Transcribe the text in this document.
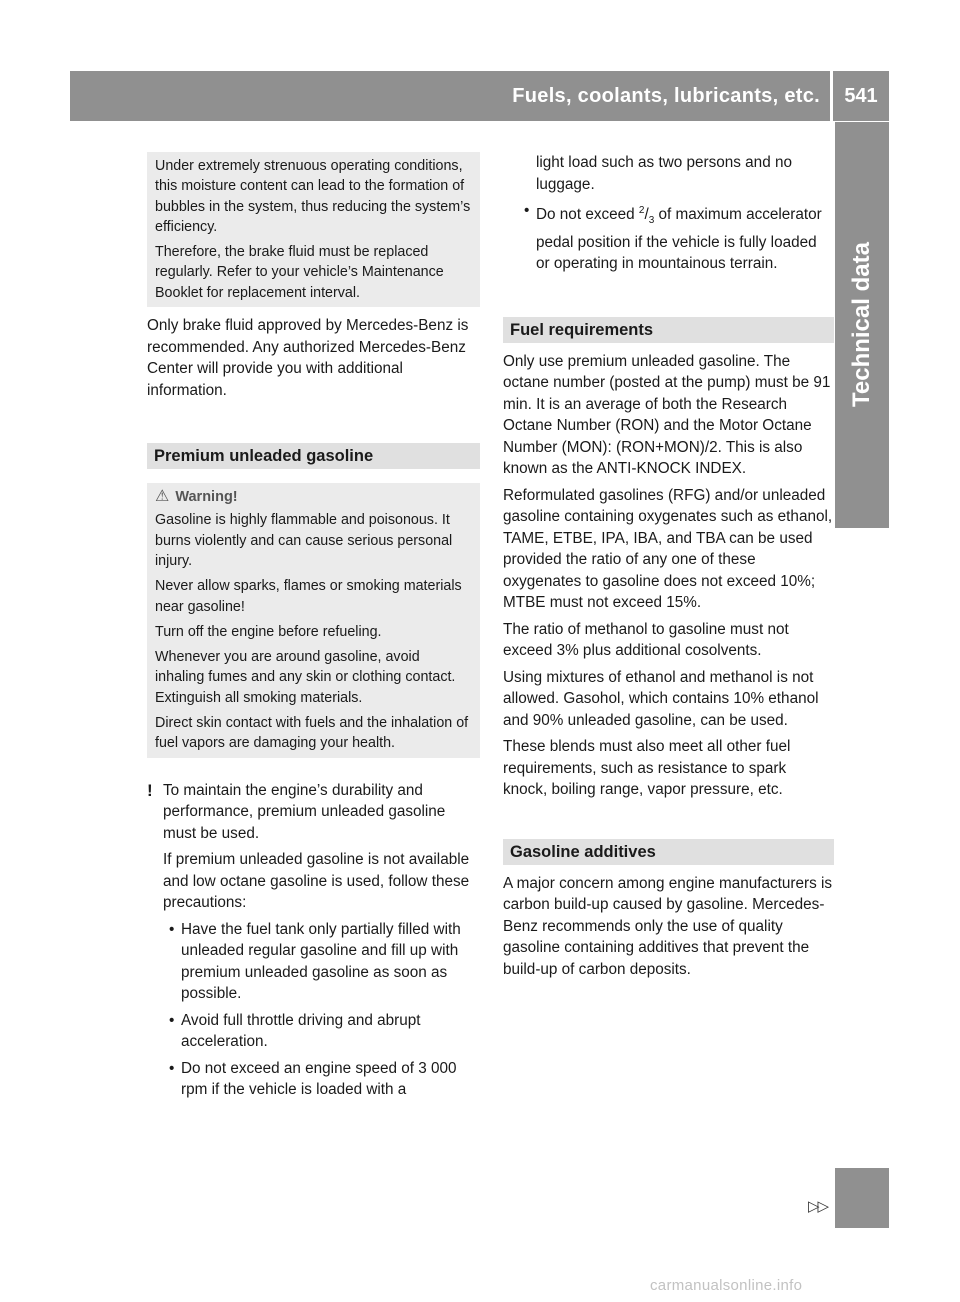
Fuels, coolants, lubricants, etc.	541
Technical data

Under extremely strenuous operating conditions, this moisture content can lead to the formation of bubbles in the system, thus reducing the system’s efficiency.

Therefore, the brake fluid must be replaced regularly. Refer to your vehicle’s Maintenance Booklet for replacement interval.

Only brake fluid approved by Mercedes-Benz is recommended. Any authorized Mercedes-Benz Center will provide you with additional information.

Premium unleaded gasoline
⚠ Warning!

Gasoline is highly flammable and poisonous. It burns violently and can cause serious personal injury.

Never allow sparks, flames or smoking materials near gasoline!

Turn off the engine before refueling.

Whenever you are around gasoline, avoid inhaling fumes and any skin or clothing contact. Extinguish all smoking materials.

Direct skin contact with fuels and the inhalation of fuel vapors are damaging your health.

! To maintain the engine’s durability and performance, premium unleaded gasoline must be used.

If premium unleaded gasoline is not available and low octane gasoline is used, follow these precautions:

• Have the fuel tank only partially filled with unleaded regular gasoline and fill up with premium unleaded gasoline as soon as possible.
• Avoid full throttle driving and abrupt acceleration.
• Do not exceed an engine speed of 3 000 rpm if the vehicle is loaded with a

light load such as two persons and no luggage.

• Do not exceed $^2/_3$ of maximum accelerator pedal position if the vehicle is fully loaded or operating in mountainous terrain.
Fuel requirements

Only use premium unleaded gasoline. The octane number (posted at the pump) must be 91 min. It is an average of both the Research Octane Number (RON) and the Motor Octane Number (MON): (RON+MON)/2. This is also known as the ANTI-KNOCK INDEX.

Reformulated gasolines (RFG) and/or unleaded gasoline containing oxygenates such as ethanol, TAME, ETBE, IPA, IBA, and TBA can be used provided the ratio of any one of these oxygenates to gasoline does not exceed 10%; MTBE must not exceed 15%.

The ratio of methanol to gasoline must not exceed 3% plus additional cosolvents.

Using mixtures of ethanol and methanol is not allowed. Gasohol, which contains 10% ethanol and 90% unleaded gasoline, can be used.

These blends must also meet all other fuel requirements, such as resistance to spark knock, boiling range, vapor pressure, etc.

Gasoline additives

A major concern among engine manufacturers is carbon build-up caused by gasoline. Mercedes-Benz recommends only the use of quality gasoline containing additives that prevent the build-up of carbon deposits.

▷▷
carmanualsonline.info
